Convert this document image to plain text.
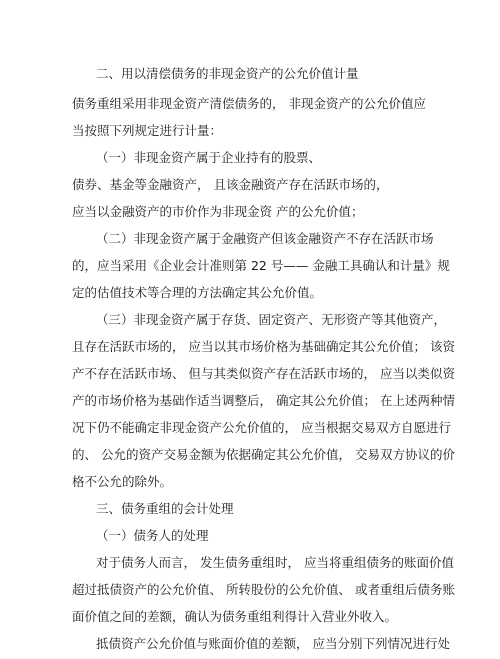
二、用以清偿债务的非现金资产的公允价值计量
债务重组采用非现金资产清偿债务的， 非现金资产的公允价值应
当按照下列规定进行计量：
（一）非现金资产属于企业持有的股票、
债券、基金等金融资产， 且该金融资产存在活跃市场的，
应当以金融资产的市价作为非现金资 产的公允价值；
（二）非现金资产属于金融资产但该金融资产不存在活跃市场
的，应当采用《企业会计准则第 22 号—— 金融工具确认和计量》规
定的估值技术等合理的方法确定其公允价值。
（三）非现金资产属于存货、固定资产、无形资产等其他资产，
且存在活跃市场的， 应当以其市场价格为基础确定其公允价值； 该资
产不存在活跃市场、 但与其类似资产存在活跃市场的， 应当以类似资
产的市场价格为基础作适当调整后， 确定其公允价值； 在上述两种情
况下仍不能确定非现金资产公允价值的， 应当根据交易双方自愿进行
的、 公允的资产交易金额为依据确定其公允价值， 交易双方协议的价
格不公允的除外。
三、债务重组的会计处理
（一）债务人的处理
对于债务人而言， 发生债务重组时， 应当将重组债务的账面价值
超过抵债资产的公允价值、 所转股份的公允价值、 或者重组后债务账
面价值之间的差额，确认为债务重组利得计入营业外收入。
抵债资产公允价值与账面价值的差额， 应当分别下列情况进行处
